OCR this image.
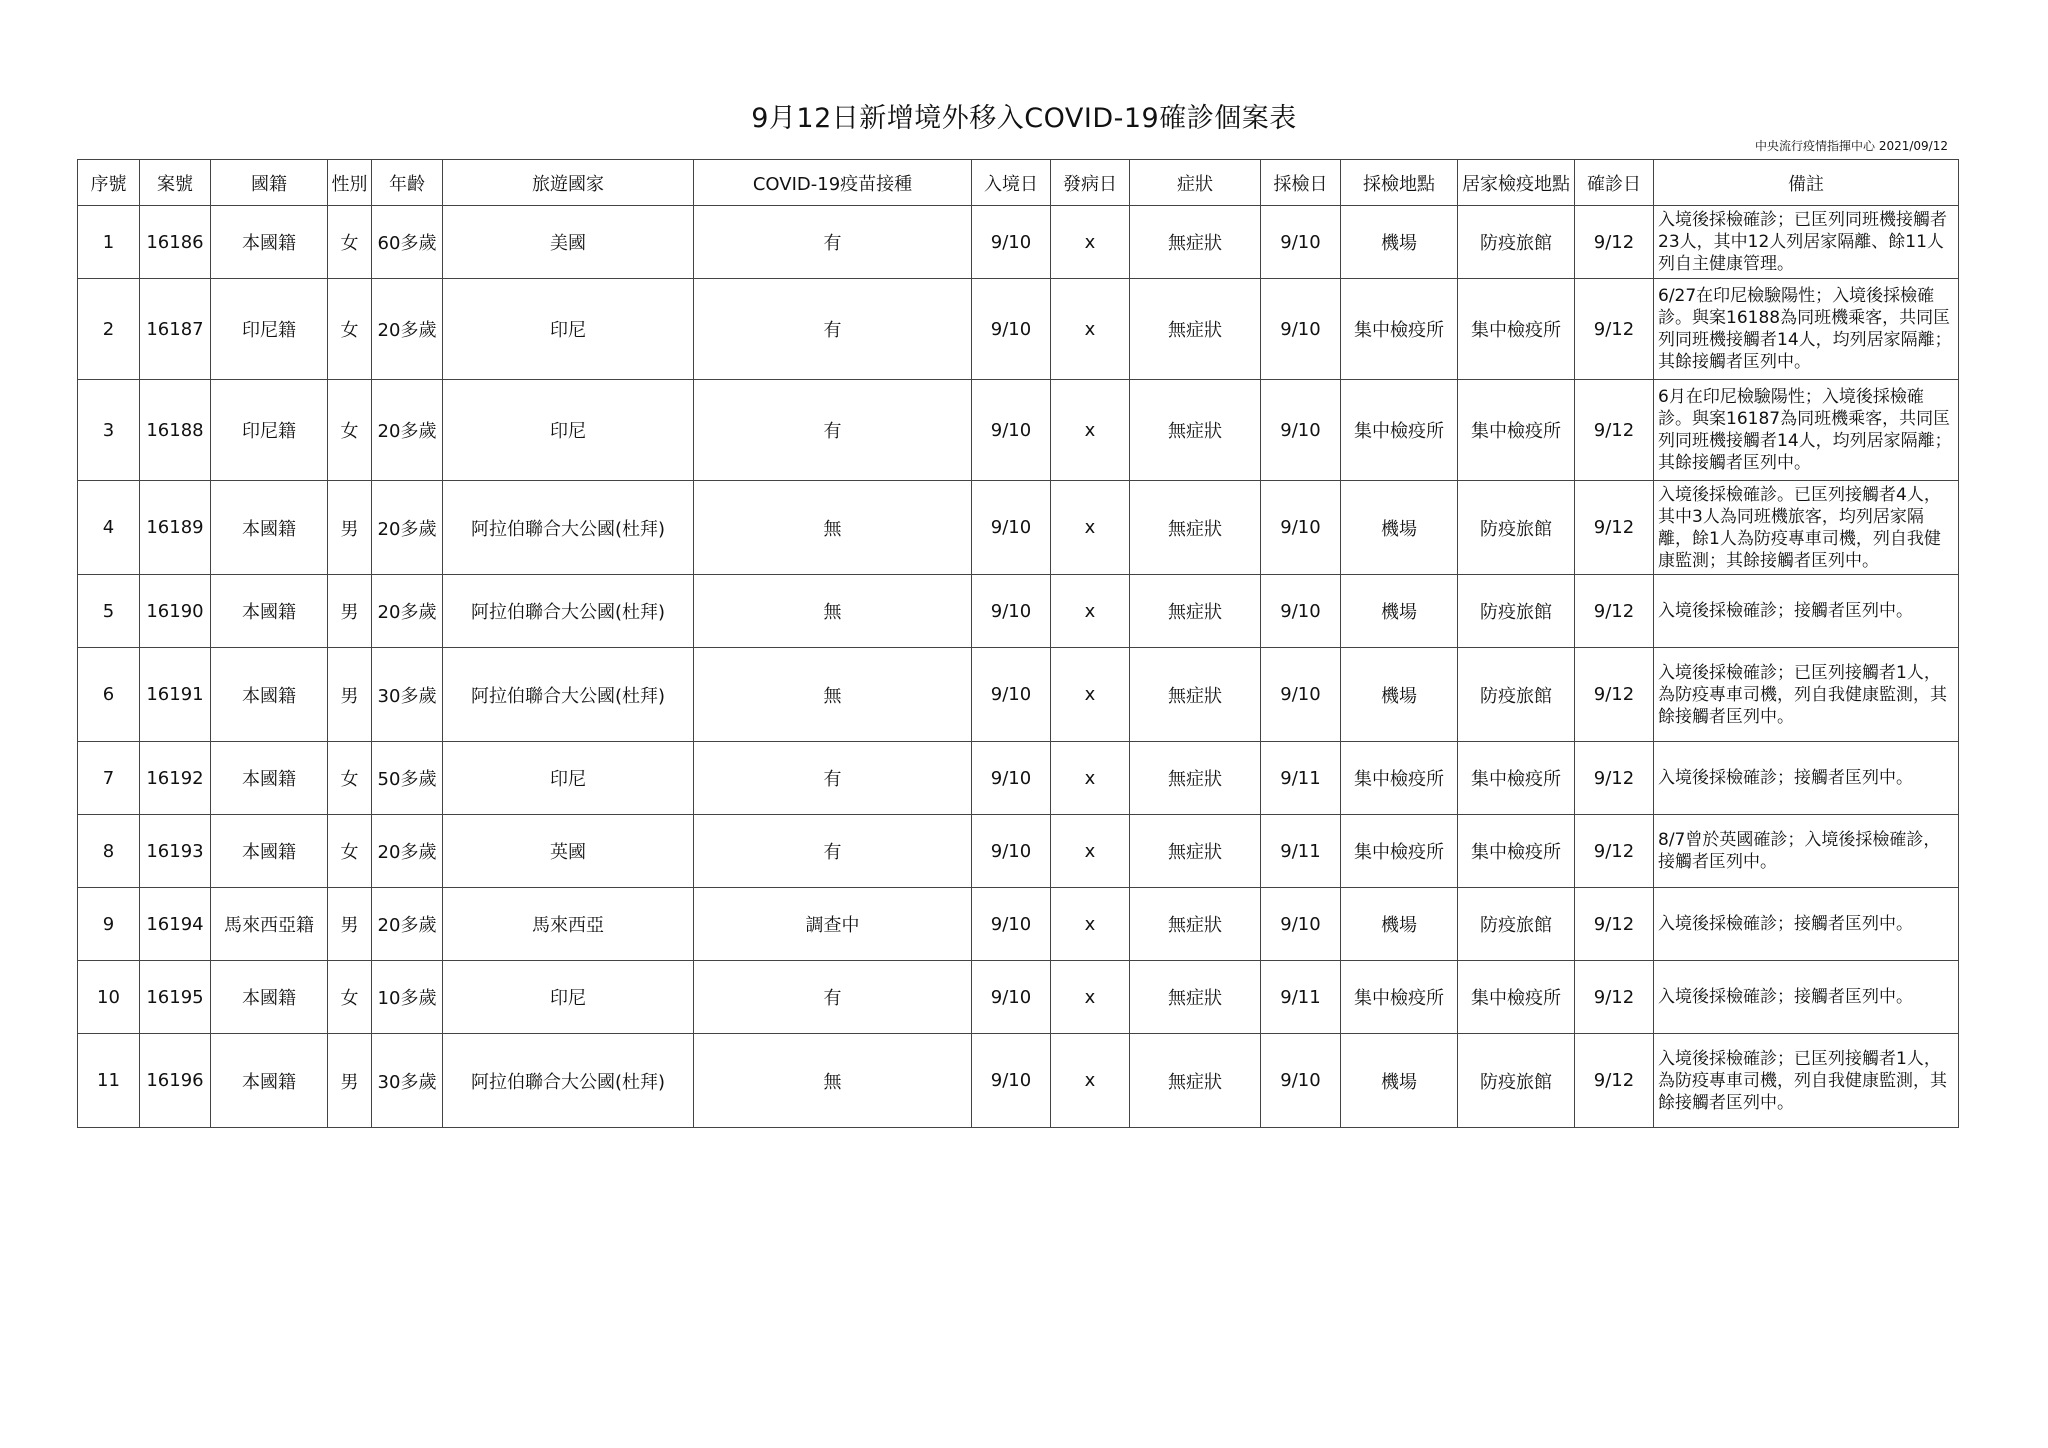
9月12日新增境外移入COVID-19確診個案表
中央流行疫情指揮中心 2021/09/12
序號	案號	國籍	性別	年齡	旅遊國家	COVID-19疫苗接種	入境日	發病日	症狀	採檢日	採檢地點	居家檢疫地點	確診日	備註
1	16186	本國籍	女	60多歲	美國	有	9/10	x	無症狀	9/10	機場	防疫旅館	9/12	入境後採檢確診；已匡列同班機接觸者23人，其中12人列居家隔離、餘11人列自主健康管理。
2	16187	印尼籍	女	20多歲	印尼	有	9/10	x	無症狀	9/10	集中檢疫所	集中檢疫所	9/12	6/27在印尼檢驗陽性；入境後採檢確診。與案16188為同班機乘客，共同匡列同班機接觸者14人，均列居家隔離；其餘接觸者匡列中。
3	16188	印尼籍	女	20多歲	印尼	有	9/10	x	無症狀	9/10	集中檢疫所	集中檢疫所	9/12	6月在印尼檢驗陽性；入境後採檢確診。與案16187為同班機乘客，共同匡列同班機接觸者14人，均列居家隔離；其餘接觸者匡列中。
4	16189	本國籍	男	20多歲	阿拉伯聯合大公國(杜拜)	無	9/10	x	無症狀	9/10	機場	防疫旅館	9/12	入境後採檢確診。已匡列接觸者4人，其中3人為同班機旅客，均列居家隔離，餘1人為防疫專車司機，列自我健康監測；其餘接觸者匡列中。
5	16190	本國籍	男	20多歲	阿拉伯聯合大公國(杜拜)	無	9/10	x	無症狀	9/10	機場	防疫旅館	9/12	入境後採檢確診；接觸者匡列中。
6	16191	本國籍	男	30多歲	阿拉伯聯合大公國(杜拜)	無	9/10	x	無症狀	9/10	機場	防疫旅館	9/12	入境後採檢確診；已匡列接觸者1人，為防疫專車司機，列自我健康監測，其餘接觸者匡列中。
7	16192	本國籍	女	50多歲	印尼	有	9/10	x	無症狀	9/11	集中檢疫所	集中檢疫所	9/12	入境後採檢確診；接觸者匡列中。
8	16193	本國籍	女	20多歲	英國	有	9/10	x	無症狀	9/11	集中檢疫所	集中檢疫所	9/12	8/7曾於英國確診；入境後採檢確診，接觸者匡列中。
9	16194	馬來西亞籍	男	20多歲	馬來西亞	調查中	9/10	x	無症狀	9/10	機場	防疫旅館	9/12	入境後採檢確診；接觸者匡列中。
10	16195	本國籍	女	10多歲	印尼	有	9/10	x	無症狀	9/11	集中檢疫所	集中檢疫所	9/12	入境後採檢確診；接觸者匡列中。
11	16196	本國籍	男	30多歲	阿拉伯聯合大公國(杜拜)	無	9/10	x	無症狀	9/10	機場	防疫旅館	9/12	入境後採檢確診；已匡列接觸者1人，為防疫專車司機，列自我健康監測，其餘接觸者匡列中。
